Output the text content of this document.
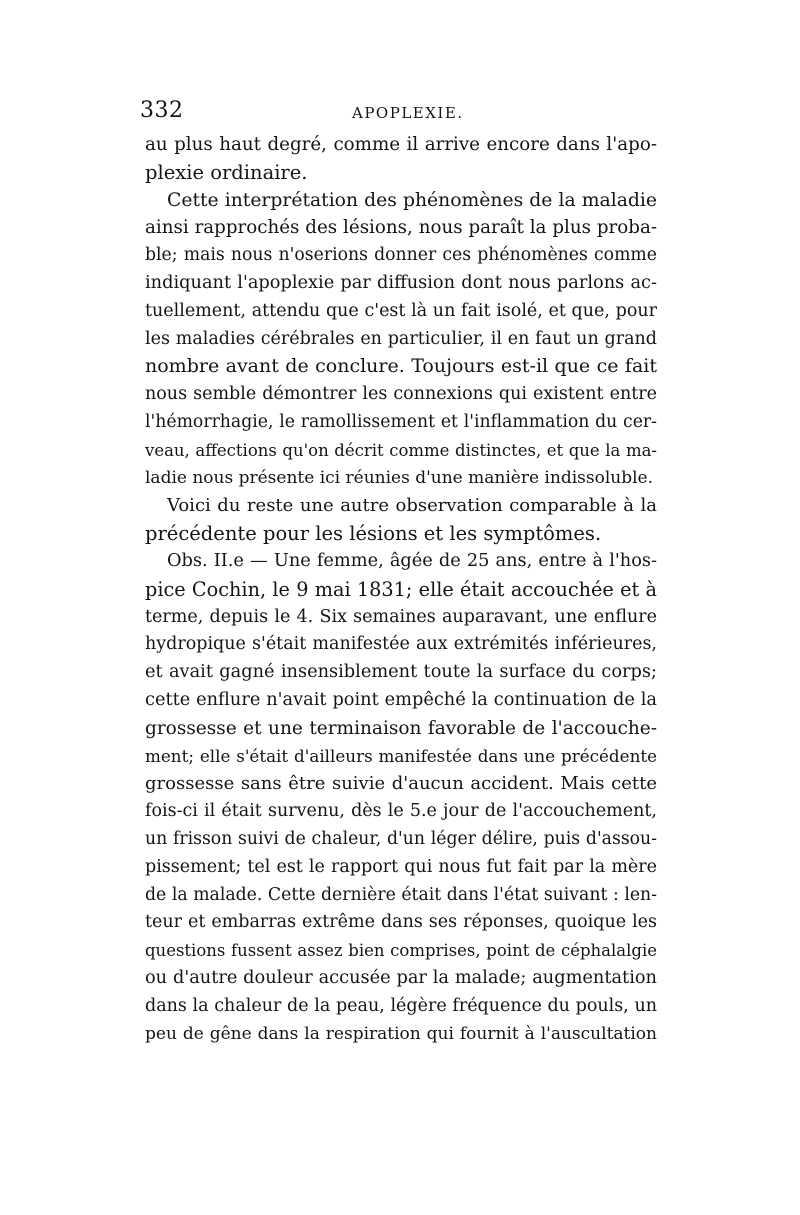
332	APOPLEXIE.
au plus haut degré, comme il arrive encore dans l'apo-
plexie ordinaire.
Cette interprétation des phénomènes de la maladie
ainsi rapprochés des lésions, nous paraît la plus proba-
ble; mais nous n'oserions donner ces phénomènes comme
indiquant l'apoplexie par diffusion dont nous parlons ac-
tuellement, attendu que c'est là un fait isolé, et que, pour
les maladies cérébrales en particulier, il en faut un grand
nombre avant de conclure. Toujours est-il que ce fait
nous semble démontrer les connexions qui existent entre
l'hémorrhagie, le ramollissement et l'inflammation du cer-
veau, affections qu'on décrit comme distinctes, et que la ma-
ladie nous présente ici réunies d'une manière indissoluble.
Voici du reste une autre observation comparable à la
précédente pour les lésions et les symptômes.
Obs. II.e — Une femme, âgée de 25 ans, entre à l'hos-
pice Cochin, le 9 mai 1831; elle était accouchée et à
terme, depuis le 4. Six semaines auparavant, une enflure
hydropique s'était manifestée aux extrémités inférieures,
et avait gagné insensiblement toute la surface du corps;
cette enflure n'avait point empêché la continuation de la
grossesse et une terminaison favorable de l'accouche-
ment; elle s'était d'ailleurs manifestée dans une précédente
grossesse sans être suivie d'aucun accident. Mais cette
fois-ci il était survenu, dès le 5.e jour de l'accouchement,
un frisson suivi de chaleur, d'un léger délire, puis d'assou-
pissement; tel est le rapport qui nous fut fait par la mère
de la malade. Cette dernière était dans l'état suivant : len-
teur et embarras extrême dans ses réponses, quoique les
questions fussent assez bien comprises, point de céphalalgie
ou d'autre douleur accusée par la malade; augmentation
dans la chaleur de la peau, légère fréquence du pouls, un
peu de gêne dans la respiration qui fournit à l'auscultation
